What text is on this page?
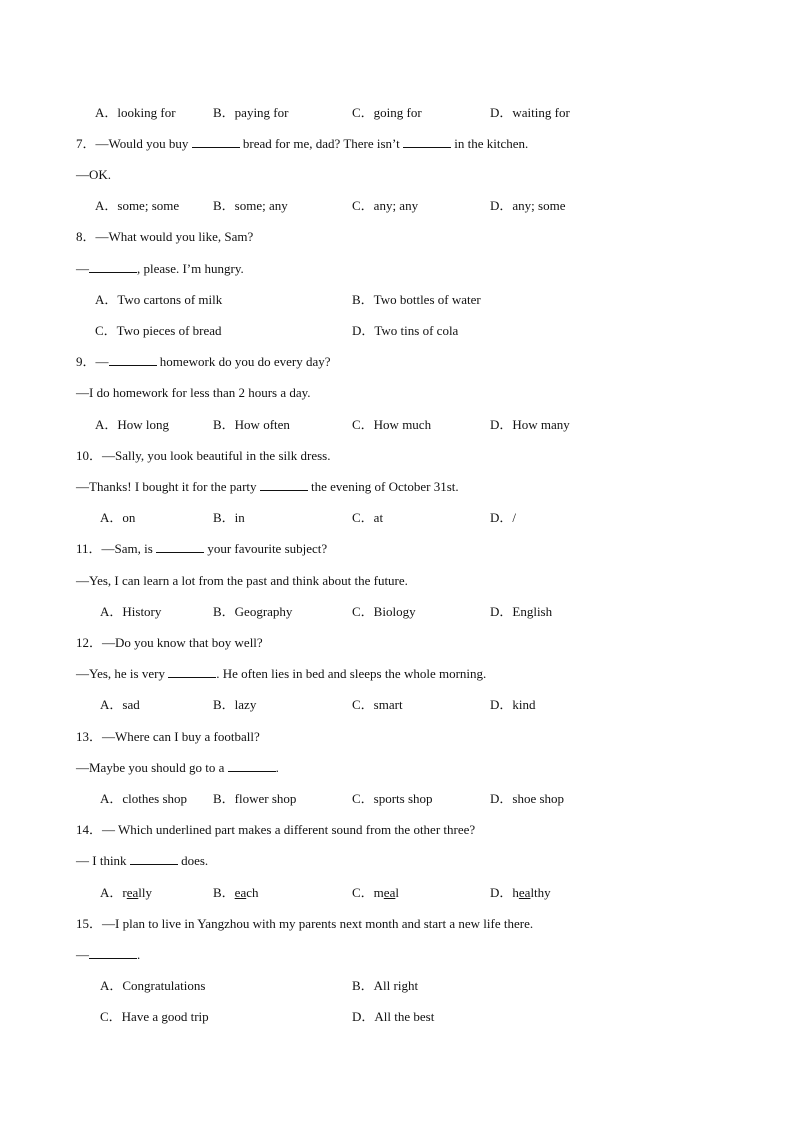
A．looking for	B．paying for	C．going for	D．waiting for
7．—Would you buy	bread for me, dad? There isn’t	in the kitchen.
—OK.
A．some; some	B．some; any	C．any; any	D．any; some
8．—What would you like, Sam?
—	, please. I’m hungry.
A．Two cartons of milk	B．Two bottles of water
C．Two pieces of bread	D．Two tins of cola
9．—	homework do you do every day?
—I do homework for less than 2 hours a day.
A．How long	B．How often	C．How much	D．How many
10．—Sally, you look beautiful in the silk dress.
—Thanks! I bought it for the party	the evening of October 31st.
A．on	B．in	C．at	D．/
11．—Sam, is	your favourite subject?
—Yes, I can learn a lot from the past and think about the future.
A．History	B．Geography	C．Biology	D．English
12．—Do you know that boy well?
—Yes, he is very	. He often lies in bed and sleeps the whole morning.
A．sad	B．lazy	C．smart	D．kind
13．—Where can I buy a football?
—Maybe you should go to a	.
A．clothes shop B．flower shop	C．sports shop	D．shoe shop
14．— Which underlined part makes a different sound from the other three?
— I think	does.
A．really	B．each	C．meal	D．healthy
15．—I plan to live in Yangzhou with my parents next month and start a new life there.
—	.
A．Congratulations	B．All right
C．Have a good trip	D．All the best
